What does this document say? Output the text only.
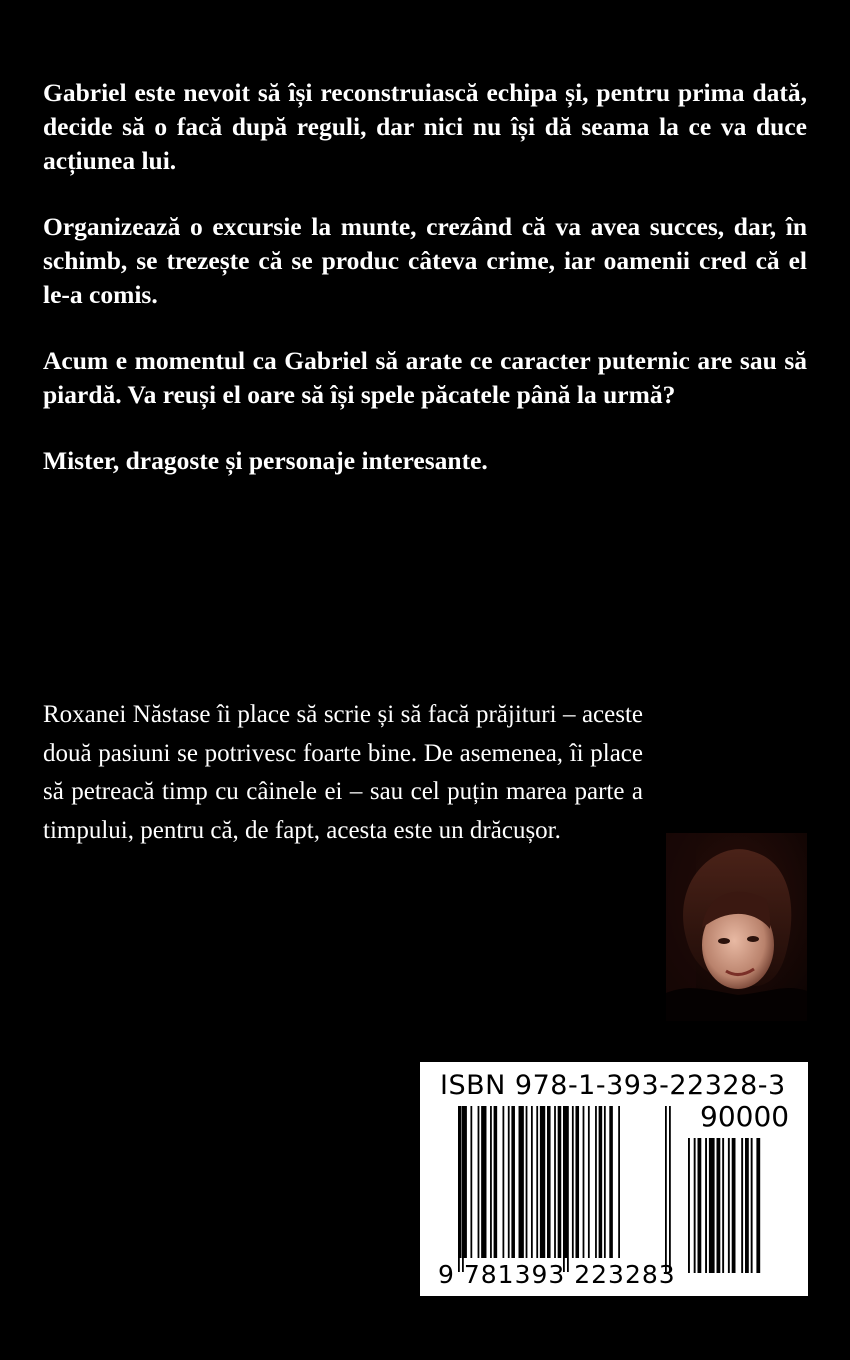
Gabriel este nevoit să își reconstruiască echipa și, pentru prima dată, decide să o facă după reguli, dar nici nu își dă seama la ce va duce acțiunea lui.

Organizează o excursie la munte, crezând că va avea succes, dar, în schimb, se trezește că se produc câteva crime, iar oamenii cred că el le-a comis.

Acum e momentul ca Gabriel să arate ce caracter puternic are sau să piardă. Va reuși el oare să își spele păcatele până la urmă?

Mister, dragoste și personaje interesante.

Roxanei Năstase îi place să scrie și să facă prăjituri – aceste două pasiuni se potrivesc foarte bine. De asemenea, îi place să petreacă timp cu câinele ei – sau cel puțin marea parte a timpului, pentru că, de fapt, acesta este un drăcușor.
ISBN 978-1-393-22328-3
90000
9 781393 223283
